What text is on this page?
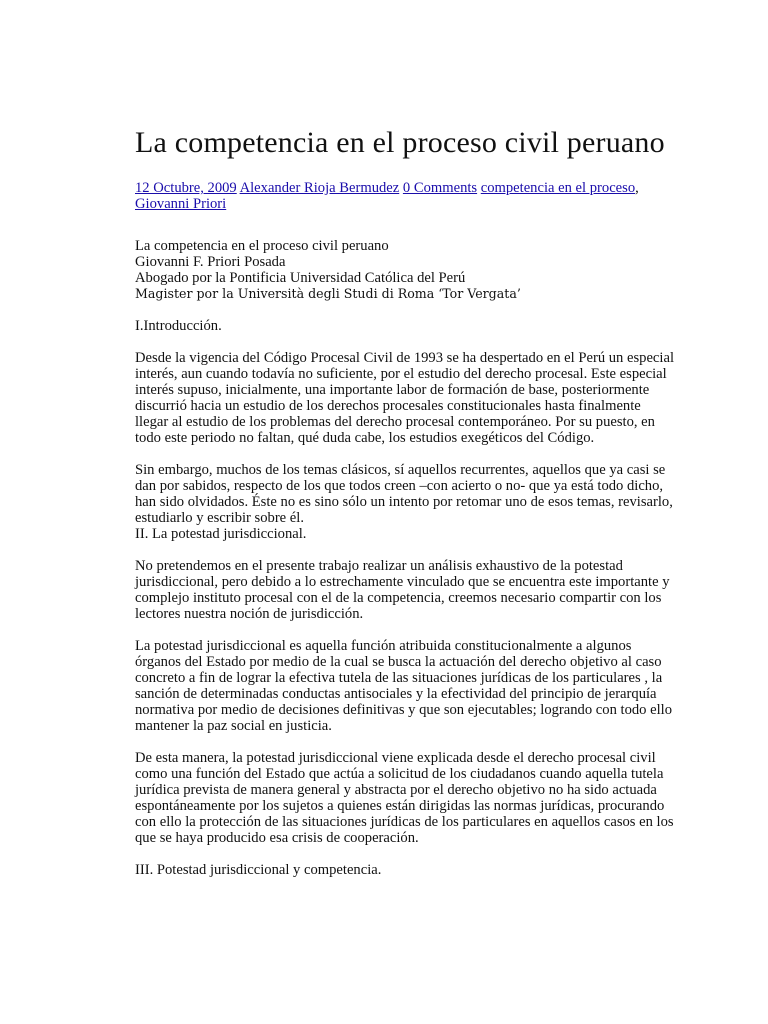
La competencia en el proceso civil peruano
12 Octubre, 2009 Alexander Rioja Bermudez 0 Comments competencia en el proceso, Giovanni Priori

La competencia en el proceso civil peruano

Giovanni F. Priori Posada

Abogado por la Pontificia Universidad Católica del Perú

Magister por la Università degli Studi di Roma ‘Tor Vergata’

I.Introducción.

Desde la vigencia del Código Procesal Civil de 1993 se ha despertado en el Perú un especial interés, aun cuando todavía no suficiente, por el estudio del derecho procesal. Este especial interés supuso, inicialmente, una importante labor de formación de base, posteriormente discurrió hacia un estudio de los derechos procesales constitucionales hasta finalmente llegar al estudio de los problemas del derecho procesal contemporáneo. Por su puesto, en todo este periodo no faltan, qué duda cabe, los estudios exegéticos del Código.

Sin embargo, muchos de los temas clásicos, sí aquellos recurrentes, aquellos que ya casi se dan por sabidos, respecto de los que todos creen –con acierto o no- que ya está todo dicho, han sido olvidados. Éste no es sino sólo un intento por retomar uno de esos temas, revisarlo, estudiarlo y escribir sobre él.

II. La potestad jurisdiccional.

No pretendemos en el presente trabajo realizar un análisis exhaustivo de la potestad jurisdiccional, pero debido a lo estrechamente vinculado que se encuentra este importante y complejo instituto procesal con el de la competencia, creemos necesario compartir con los lectores nuestra noción de jurisdicción.

La potestad jurisdiccional es aquella función atribuida constitucionalmente a algunos órganos del Estado por medio de la cual se busca la actuación del derecho objetivo al caso concreto a fin de lograr la efectiva tutela de las situaciones jurídicas de los particulares , la sanción de determinadas conductas antisociales y la efectividad del principio de jerarquía normativa por medio de decisiones definitivas y que son ejecutables; logrando con todo ello mantener la paz social en justicia.

De esta manera, la potestad jurisdiccional viene explicada desde el derecho procesal civil como una función del Estado que actúa a solicitud de los ciudadanos cuando aquella tutela jurídica prevista de manera general y abstracta por el derecho objetivo no ha sido actuada espontáneamente por los sujetos a quienes están dirigidas las normas jurídicas, procurando con ello la protección de las situaciones jurídicas de los particulares en aquellos casos en los que se haya producido esa crisis de cooperación.

III. Potestad jurisdiccional y competencia.
